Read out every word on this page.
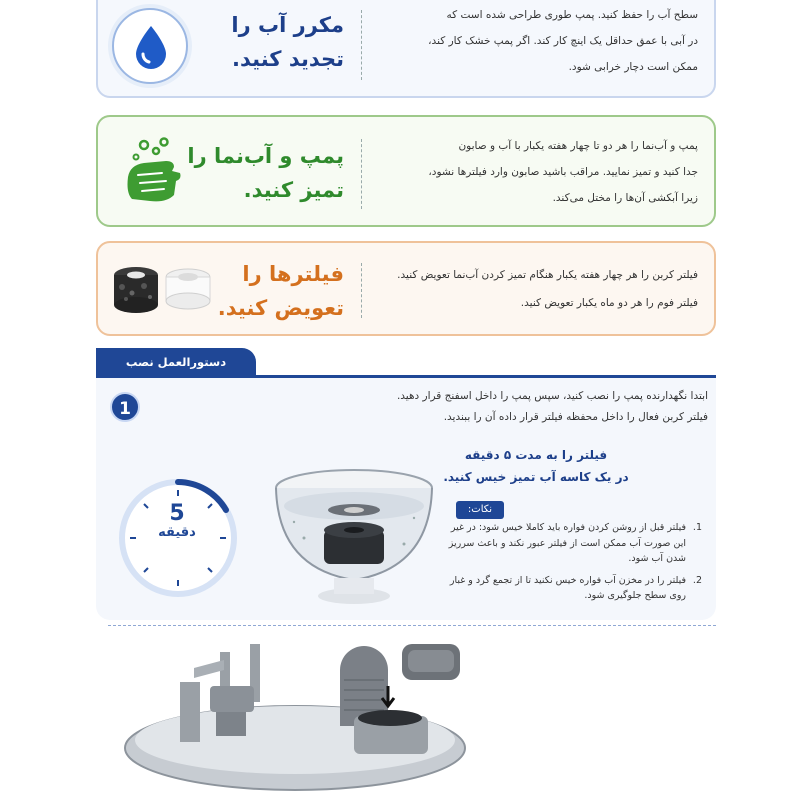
مکرر آب را
تجدید کنید.
سطح آب را حفظ کنید. پمپ طوری طراحی شده است که
در آبی با عمق حداقل یک اینچ کار کند. اگر پمپ خشک کار کند،
ممکن است دچار خرابی شود.
پمپ و آب‌نما را
تمیز کنید.
پمپ و آب‌نما را هر دو تا چهار هفته یکبار با آب و صابون
جدا کنید و تمیز نمایید. مراقب باشید صابون وارد فیلترها نشود،
زیرا آبکشی آن‌ها را مختل می‌کند.
فیلترها را
تعویض کنید.
فیلتر کربن را هر چهار هفته یکبار هنگام تمیز کردن آب‌نما تعویض کنید.
فیلتر فوم را هر دو ماه یکبار تعویض کنید.
دستورالعمل نصب
1
ابتدا نگهدارنده پمپ را نصب کنید، سپس پمپ را داخل اسفنج قرار دهید.
فیلتر کربن فعال را داخل محفظه فیلتر قرار داده آن را ببندید.
فیلتر را به مدت ۵ دقیقه
در یک کاسه آب تمیز خیس کنید.
5
دقیقه
نکات:
1.
فیلتر قبل از روشن کردن فواره باید کاملا خیس شود: در غیر این صورت آب ممکن است از فیلتر عبور نکند و باعث سرریز شدن آب شود.
2.
فیلتر را در مخزن آب فواره خیس نکنید تا از تجمع گرد و غبار روی سطح جلوگیری شود.
